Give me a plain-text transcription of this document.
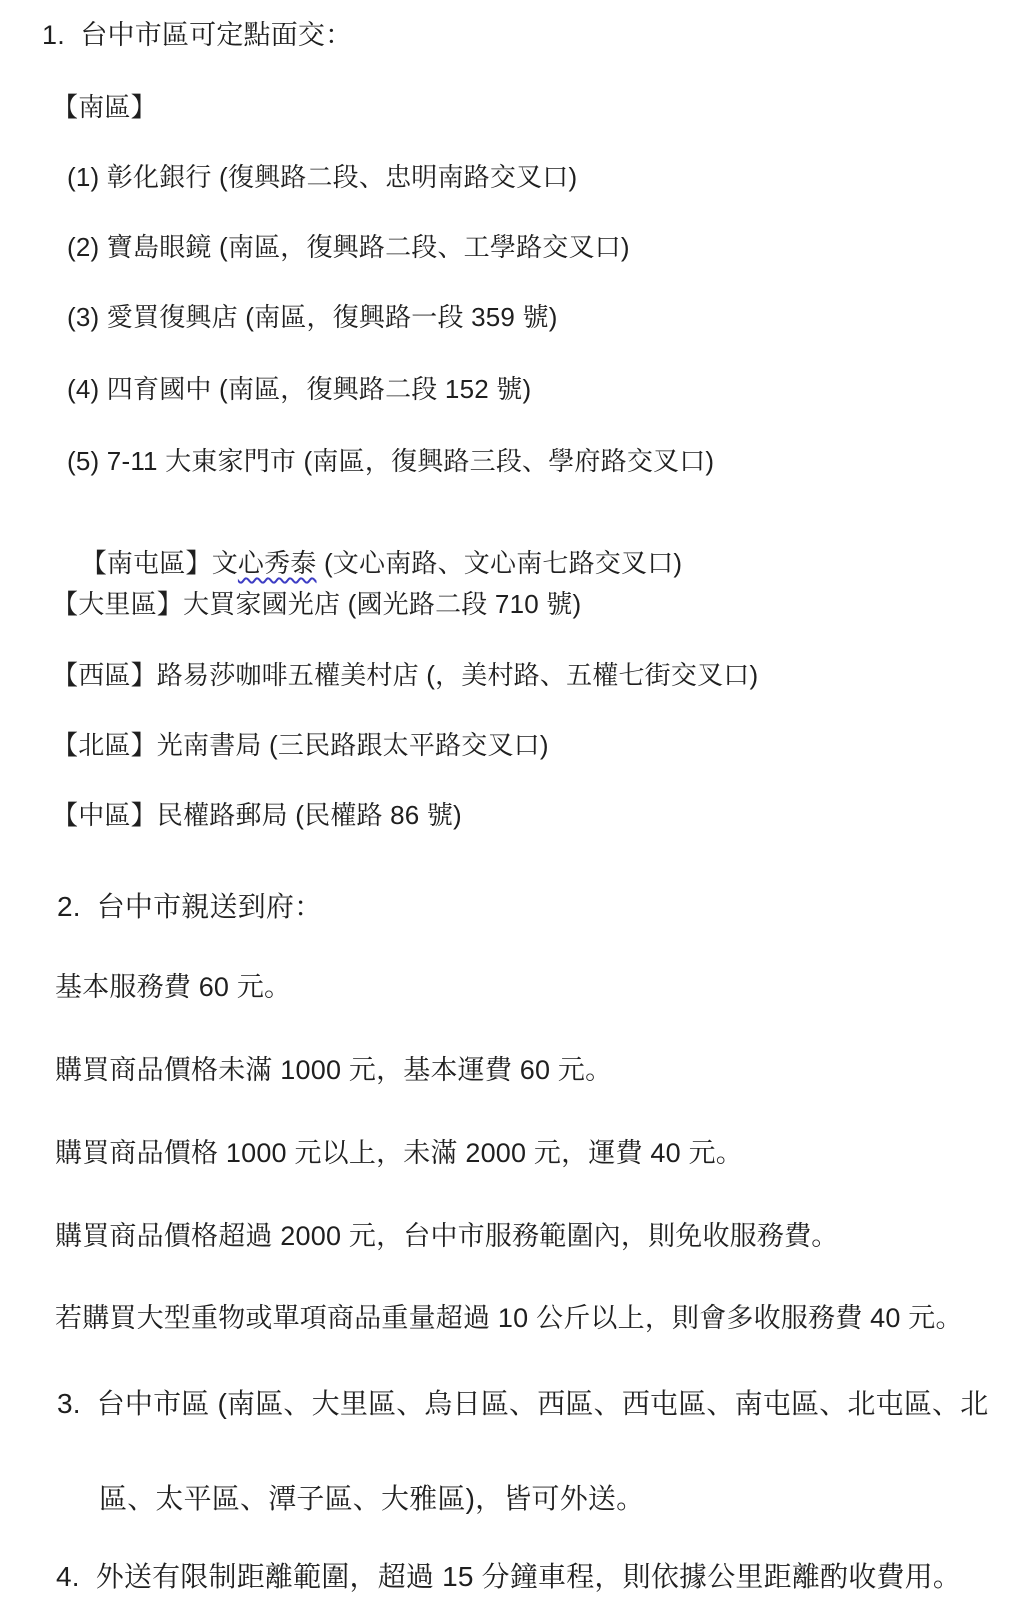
1.  台中市區可定點面交：
【南區】
(1) 彰化銀行 (復興路二段、忠明南路交叉口)
(2) 寶島眼鏡 (南區，復興路二段、工學路交叉口)
(3) 愛買復興店 (南區，復興路一段 359 號)
(4) 四育國中 (南區，復興路二段 152 號)
(5) 7-11 大東家門市 (南區，復興路三段、學府路交叉口)

【南屯區】文心秀泰 (文心南路、文心南七路交叉口)

【大里區】大買家國光店 (國光路二段 710 號)
【西區】路易莎咖啡五權美村店 (，美村路、五權七街交叉口)
【北區】光南書局 (三民路跟太平路交叉口)
【中區】民權路郵局 (民權路 86 號)
2.  台中市親送到府：
基本服務費 60 元。
購買商品價格未滿 1000 元，基本運費 60 元。
購買商品價格 1000 元以上，未滿 2000 元，運費 40 元。
購買商品價格超過 2000 元，台中市服務範圍內，則免收服務費。
若購買大型重物或單項商品重量超過 10 公斤以上，則會多收服務費 40 元。
3.  台中市區 (南區、大里區、烏日區、西區、西屯區、南屯區、北屯區、北
區、太平區、潭子區、大雅區)，皆可外送。
4.  外送有限制距離範圍，超過 15 分鐘車程，則依據公里距離酌收費用。
